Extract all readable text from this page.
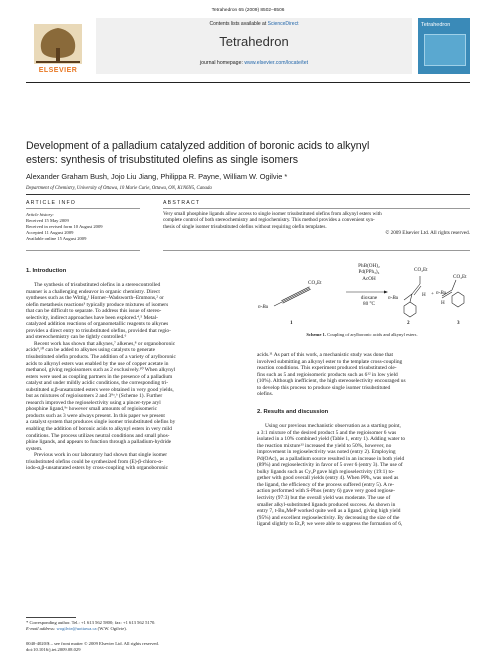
Tetrahedron 65 (2009) 8502–8506
ELSEVIER
Contents lists available at ScienceDirect
Tetrahedron
journal homepage: www.elsevier.com/locate/tet
Tetrahedron
Development of a palladium catalyzed addition of boronic acids to alkynyl
esters: synthesis of trisubstituted olefins as single isomers
Alexander Graham Bush, Jojo Liu Jiang, Philippa R. Payne, William W. Ogilvie *
Department of Chemistry, University of Ottawa, 10 Marie Curie, Ottawa, ON, K1N6N5, Canada
ARTICLE INFO
Article history:
Received 15 May 2009
Received in revised form 10 August 2009
Accepted 11 August 2009
Available online 15 August 2009
ABSTRACT
Very small phosphine ligands allow access to single isomer trisubstituted olefins from alkynyl esters with
complete control of both stereochemistry and regiochemistry. This method provides a convenient syn-
thesis of single isomer trisubstituted olefins without requiring olefin templates.
© 2009 Elsevier Ltd. All rights reserved.
1. Introduction
The synthesis of trisubstituted olefins in a stereocontrolled
manner is a challenging endeavor in organic chemistry. Direct
syntheses such as the Wittig,¹ Horner–Wadsworth–Emmons,² or
olefin metathesis reactions³ typically produce mixtures of isomers
that can be difficult to separate. To address this issue of stereo-
selectivity, indirect approaches have been explored.⁴,⁵ Metal-
catalyzed addition reactions of organometallic reagents to alkynes
provides a direct entry to trisubstituted olefins, provided that regio-
and stereochemistry can be tightly controlled.⁶
Recent work has shown that alkynes,⁷ alkenes,⁸ or organoboronic
acids⁹,¹⁰ can be added to alkynes using catalysts to generate
trisubstituted olefin products. The addition of a variety of arylboronic
acids to alkynyl esters was enabled by the use of copper acetate in
methanol, giving regioisomers such as 2 exclusively.¹⁰ When alkynyl
esters were used as coupling partners in the presence of a palladium
catalyst and under mildly acidic conditions, the corresponding tri-
substituted α,β-unsaturated esters were obtained in very good yields,
but as mixtures of regioisomers 2 and 3⁹ᵃ,ᵇ (Scheme 1). Further
research improved the regioselectivity using a pincer-type aryl
phosphine ligand,⁹ᶜ however small amounts of regioisomeric
products such as 3 were always present. In this paper we present
a catalyst system that produces single isomer trisubstituted olefins by
enabling the addition of boronic acids to alkynyl esters in very mild
conditions. The process utilizes neutral conditions and small phos-
phine ligands, and appears to function through a palladium-hydride
system.
Previous work in our laboratory had shown that single isomer
trisubstituted olefins could be synthesized from (E)-β-chloro-α-
iodo-α,β-unsaturated esters by cross-coupling with organoboronic
* Corresponding author. Tel.: +1 613 562 5800; fax: +1 613 562 5170.
E-mail address: wogilvie@uottawa.ca (W.W. Ogilvie).
0040-4020/$ – see front matter © 2009 Elsevier Ltd. All rights reserved.
doi:10.1016/j.tet.2009.08.029
CO₂Et
n-Bu
PhB(OH)₂
Pd(PPh₃)₄
AcOH
dioxane
80 °C
CO₂Et
n-Bu	H + n-Bu
CO₂Et
H
1	2	3
Scheme 1. Coupling of arylboronic acids and alkynyl esters.
acids.¹¹ As part of this work, a mechanistic study was done that
involved submitting an alkynyl ester to the template cross-coupling
reaction conditions. This experiment produced trisubstituted ole-
fins such as 5 and regioisomeric products such as 6¹² in low yield
(10%). Although inefficient, the high stereoselectivity encouraged us
to develop this process to produce single isomer trisubstituted
olefins.
2. Results and discussion
Using our previous mechanistic observation as a starting point,
a 3:1 mixture of the desired product 5 and the regioisomer 6 was
isolated in a 10% combined yield (Table 1, entry 1). Adding water to
the reaction mixture¹³ increased the yield to 50%, however, no
improvement in regioselectivity was noted (entry 2). Employing
Pd(OAc)₂ as a palladium source resulted in an increase in both yield
(89%) and regioselectivity in favor of 5 over 6 (entry 3). The use of
bulky ligands such as Cy₃P gave high regioselectivity (19:1) to-
gether with good overall yields (entry 4). When PPh₃ was used as
the ligand, the efficiency of the process suffered (entry 5). A re-
action performed with S-Phos (entry 6) gave very good regiose-
lectivity (97:3) but the overall yield was moderate. The use of
smaller alkyl-substituted ligands produced success. As shown in
entry 7, t-Bu₂MeP worked quite well as a ligand, giving high yield
(95%) and excellent regioselectivity. By decreasing the size of the
ligand slightly to Et₃P, we were able to suppress the formation of 6,
